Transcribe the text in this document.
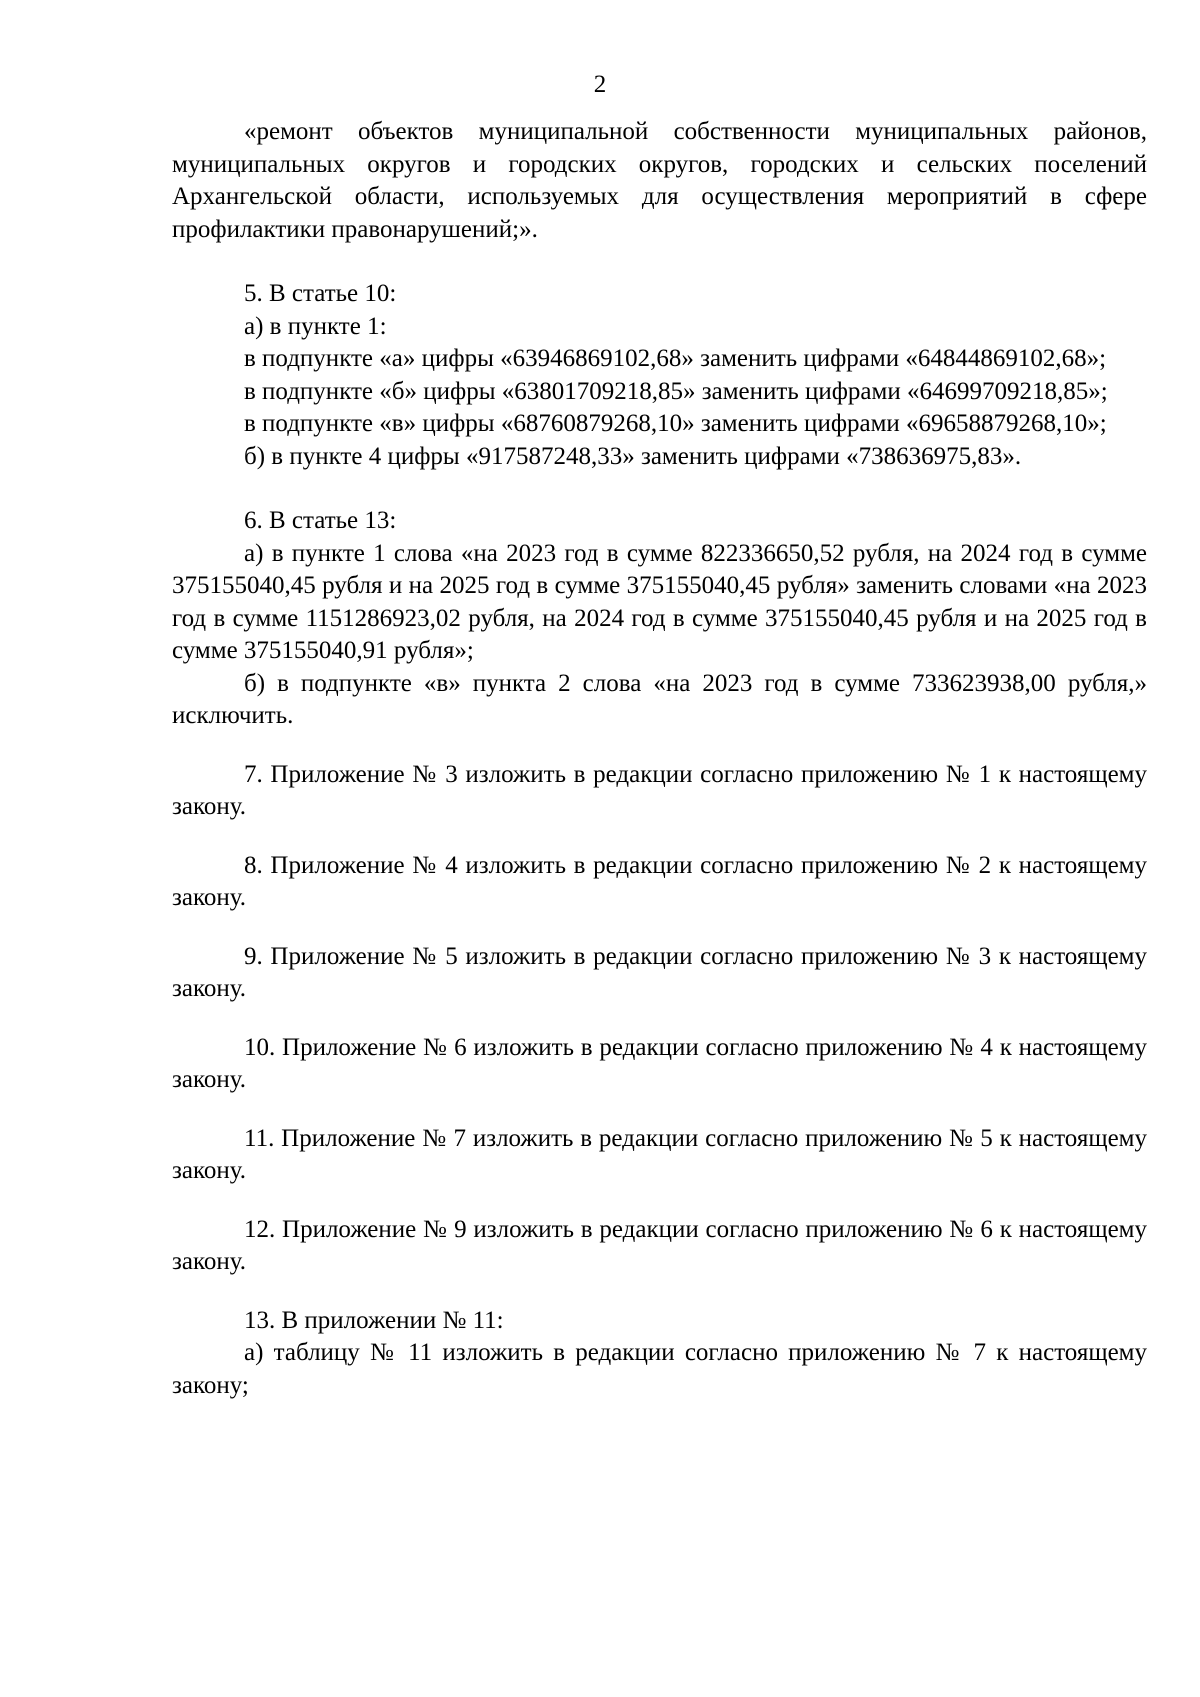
2

«ремонт объектов муниципальной собственности муниципальных районов, муниципальных округов и городских округов, городских и сельских поселений Архангельской области, используемых для осуществления мероприятий в сфере профилактики правонарушений;».

5. В статье 10:

а) в пункте 1:

в подпункте «а» цифры «63946869102,68» заменить цифрами «64844869102,68»;

в подпункте «б» цифры «63801709218,85» заменить цифрами «64699709218,85»;

в подпункте «в» цифры «68760879268,10» заменить цифрами «69658879268,10»;

б) в пункте 4 цифры «917587248,33» заменить цифрами «738636975,83».

6. В статье 13:

а) в пункте 1 слова «на 2023 год в сумме 822336650,52 рубля, на 2024 год в сумме 375155040,45 рубля и на 2025 год в сумме 375155040,45 рубля» заменить словами «на 2023 год в сумме 1151286923,02 рубля, на 2024 год в сумме 375155040,45 рубля и на 2025 год в сумме 375155040,91 рубля»;

б) в подпункте «в» пункта 2 слова «на 2023 год в сумме 733623938,00 рубля,» исключить.

7. Приложение № 3 изложить в редакции согласно приложению № 1 к настоящему закону.

8. Приложение № 4 изложить в редакции согласно приложению № 2 к настоящему закону.

9. Приложение № 5 изложить в редакции согласно приложению № 3 к настоящему закону.

10. Приложение № 6 изложить в редакции согласно приложению № 4 к настоящему закону.

11. Приложение № 7 изложить в редакции согласно приложению № 5 к настоящему закону.

12. Приложение № 9 изложить в редакции согласно приложению № 6 к настоящему закону.

13. В приложении № 11:

а) таблицу № 11 изложить в редакции согласно приложению № 7 к настоящему закону;
